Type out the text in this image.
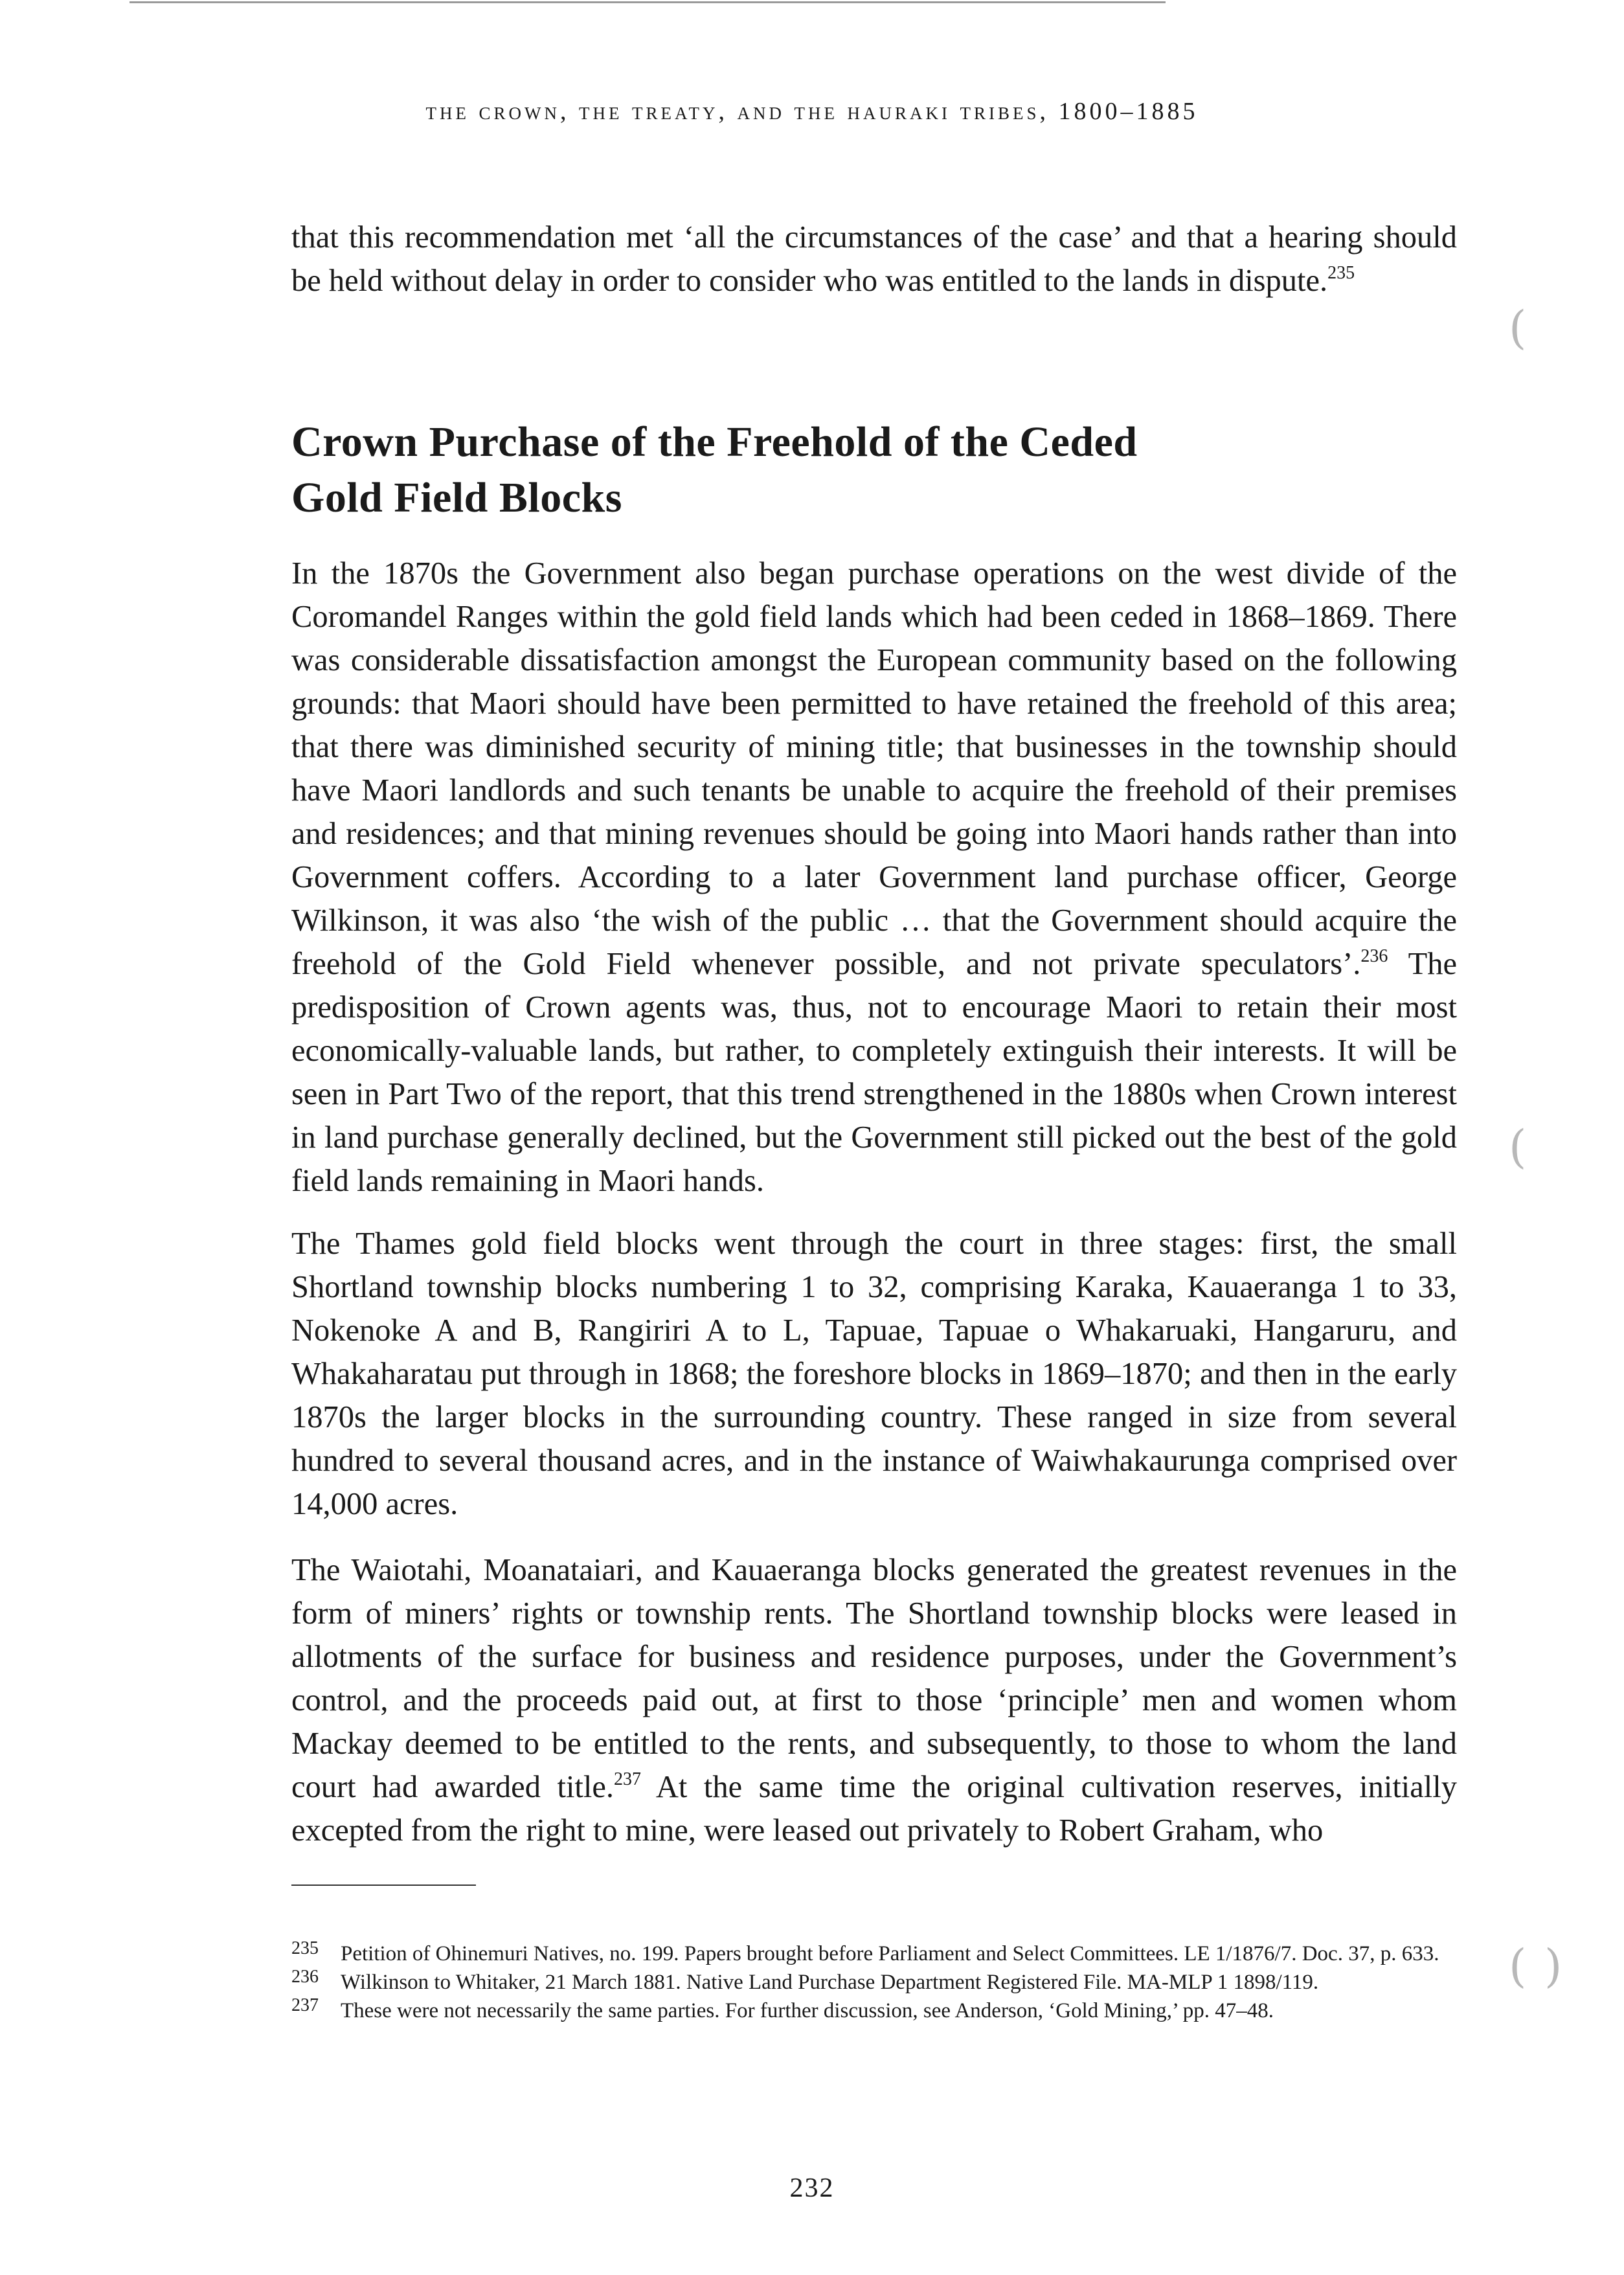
the crown, the treaty, and the hauraki tribes, 1800–1885

that this recommendation met ‘all the circumstances of the case’ and that a hearing should be held without delay in order to consider who was entitled to the lands in dispute.$^{235}$

Crown Purchase of the Freehold of the Ceded
Gold Field Blocks

In the 1870s the Government also began purchase operations on the west divide of the Coromandel Ranges within the gold field lands which had been ceded in 1868–1869. There was considerable dissatisfaction amongst the European community based on the following grounds: that Maori should have been permitted to have retained the freehold of this area; that there was diminished security of mining title; that businesses in the township should have Maori landlords and such tenants be unable to acquire the freehold of their premises and residences; and that mining revenues should be going into Maori hands rather than into Government coffers. According to a later Government land purchase officer, George Wilkinson, it was also ‘the wish of the public … that the Government should acquire the freehold of the Gold Field whenever possible, and not private speculators’.$^{236}$ The predisposition of Crown agents was, thus, not to encourage Maori to retain their most economically-valuable lands, but rather, to completely extinguish their interests. It will be seen in Part Two of the report, that this trend strengthened in the 1880s when Crown interest in land purchase generally declined, but the Government still picked out the best of the gold field lands remaining in Maori hands.

The Thames gold field blocks went through the court in three stages: first, the small Shortland township blocks numbering 1 to 32, comprising Karaka, Kauaeranga 1 to 33, Nokenoke A and B, Rangiriri A to L, Tapuae, Tapuae o Whakaruaki, Hangaruru, and Whakaharatau put through in 1868; the foreshore blocks in 1869–1870; and then in the early 1870s the larger blocks in the surrounding country. These ranged in size from several hundred to several thousand acres, and in the instance of Waiwhakaurunga comprised over 14,000 acres.

The Waiotahi, Moanataiari, and Kauaeranga blocks generated the greatest revenues in the form of miners’ rights or township rents. The Shortland township blocks were leased in allotments of the surface for business and residence purposes, under the Government’s control, and the proceeds paid out, at first to those ‘principle’ men and women whom Mackay deemed to be entitled to the rents, and subsequently, to those to whom the land court had awarded title.$^{237}$ At the same time the original cultivation reserves, initially excepted from the right to mine, were leased out privately to Robert Graham, who

235	Petition of Ohinemuri Natives, no. 199. Papers brought before Parliament and Select Committees. LE 1/1876/7. Doc. 37, p. 633.
236	Wilkinson to Whitaker, 21 March 1881. Native Land Purchase Department Registered File. MA-MLP 1 1898/119.
237	These were not necessarily the same parties. For further discussion, see Anderson, ‘Gold Mining,’ pp. 47–48.
232
(
(
( )
